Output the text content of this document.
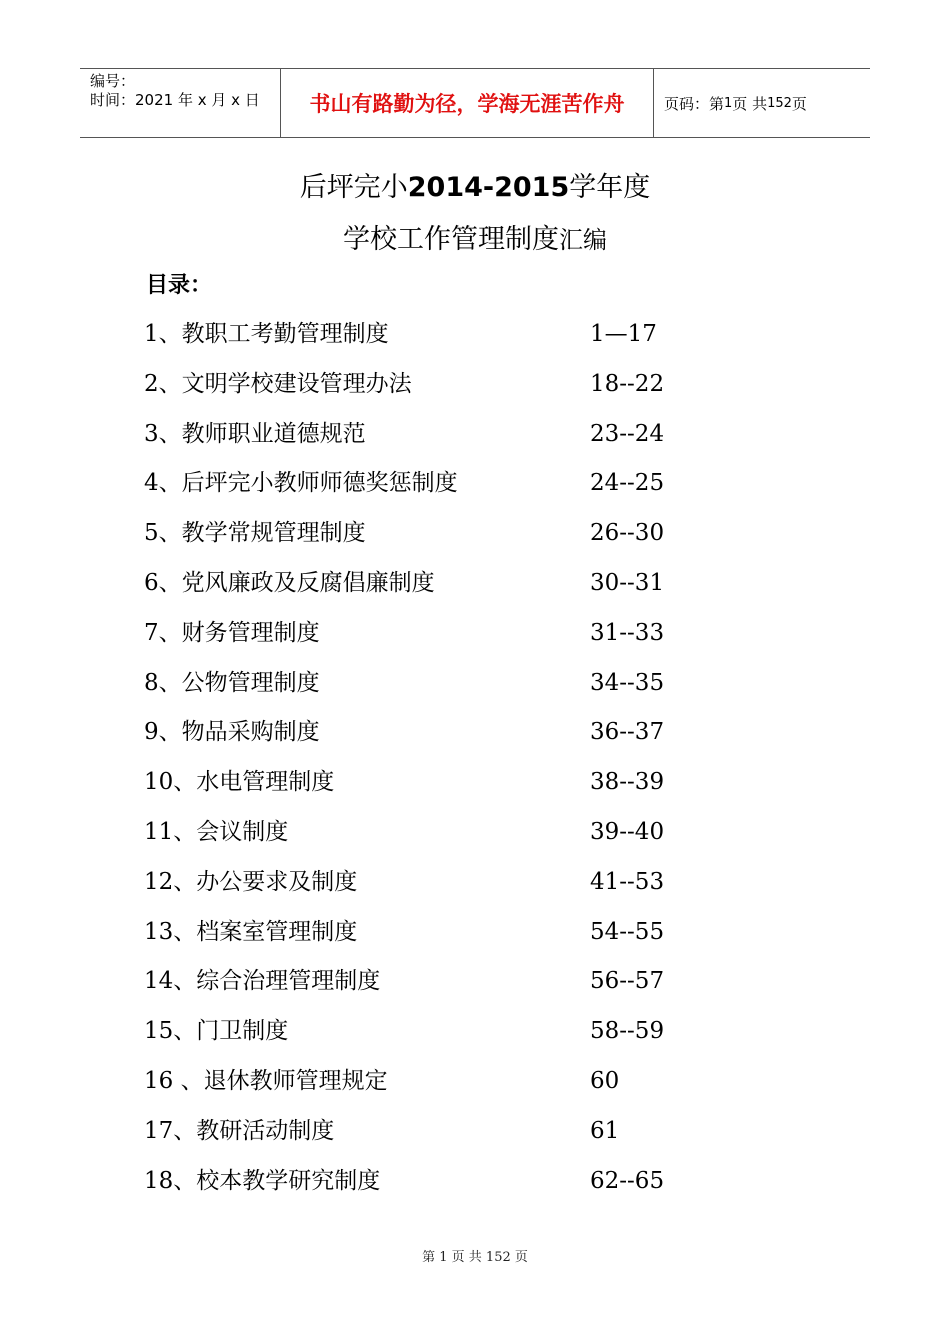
编号：
时间：2021 年 x 月 x 日	书山有路勤为径，学海无涯苦作舟	页码：第 1 页 共 152 页
后坪完小2014-2015学年度
学校工作管理制度汇编
目录：
1、教职工考勤管理制度	1—17
2、文明学校建设管理办法	18--22
3、教师职业道德规范	23--24
4、后坪完小教师师德奖惩制度	24--25
5、教学常规管理制度	26--30
6、党风廉政及反腐倡廉制度	30--31
7、财务管理制度	31--33
8、公物管理制度	34--35
9、物品采购制度	36--37
10、水电管理制度	38--39
11、会议制度	39--40
12、办公要求及制度	41--53
13、档案室管理制度	54--55
14、综合治理管理制度	56--57
15、门卫制度	58--59
16 、退休教师管理规定	60
17、教研活动制度	61
18、校本教学研究制度	62--65
第 1 页 共 152 页
